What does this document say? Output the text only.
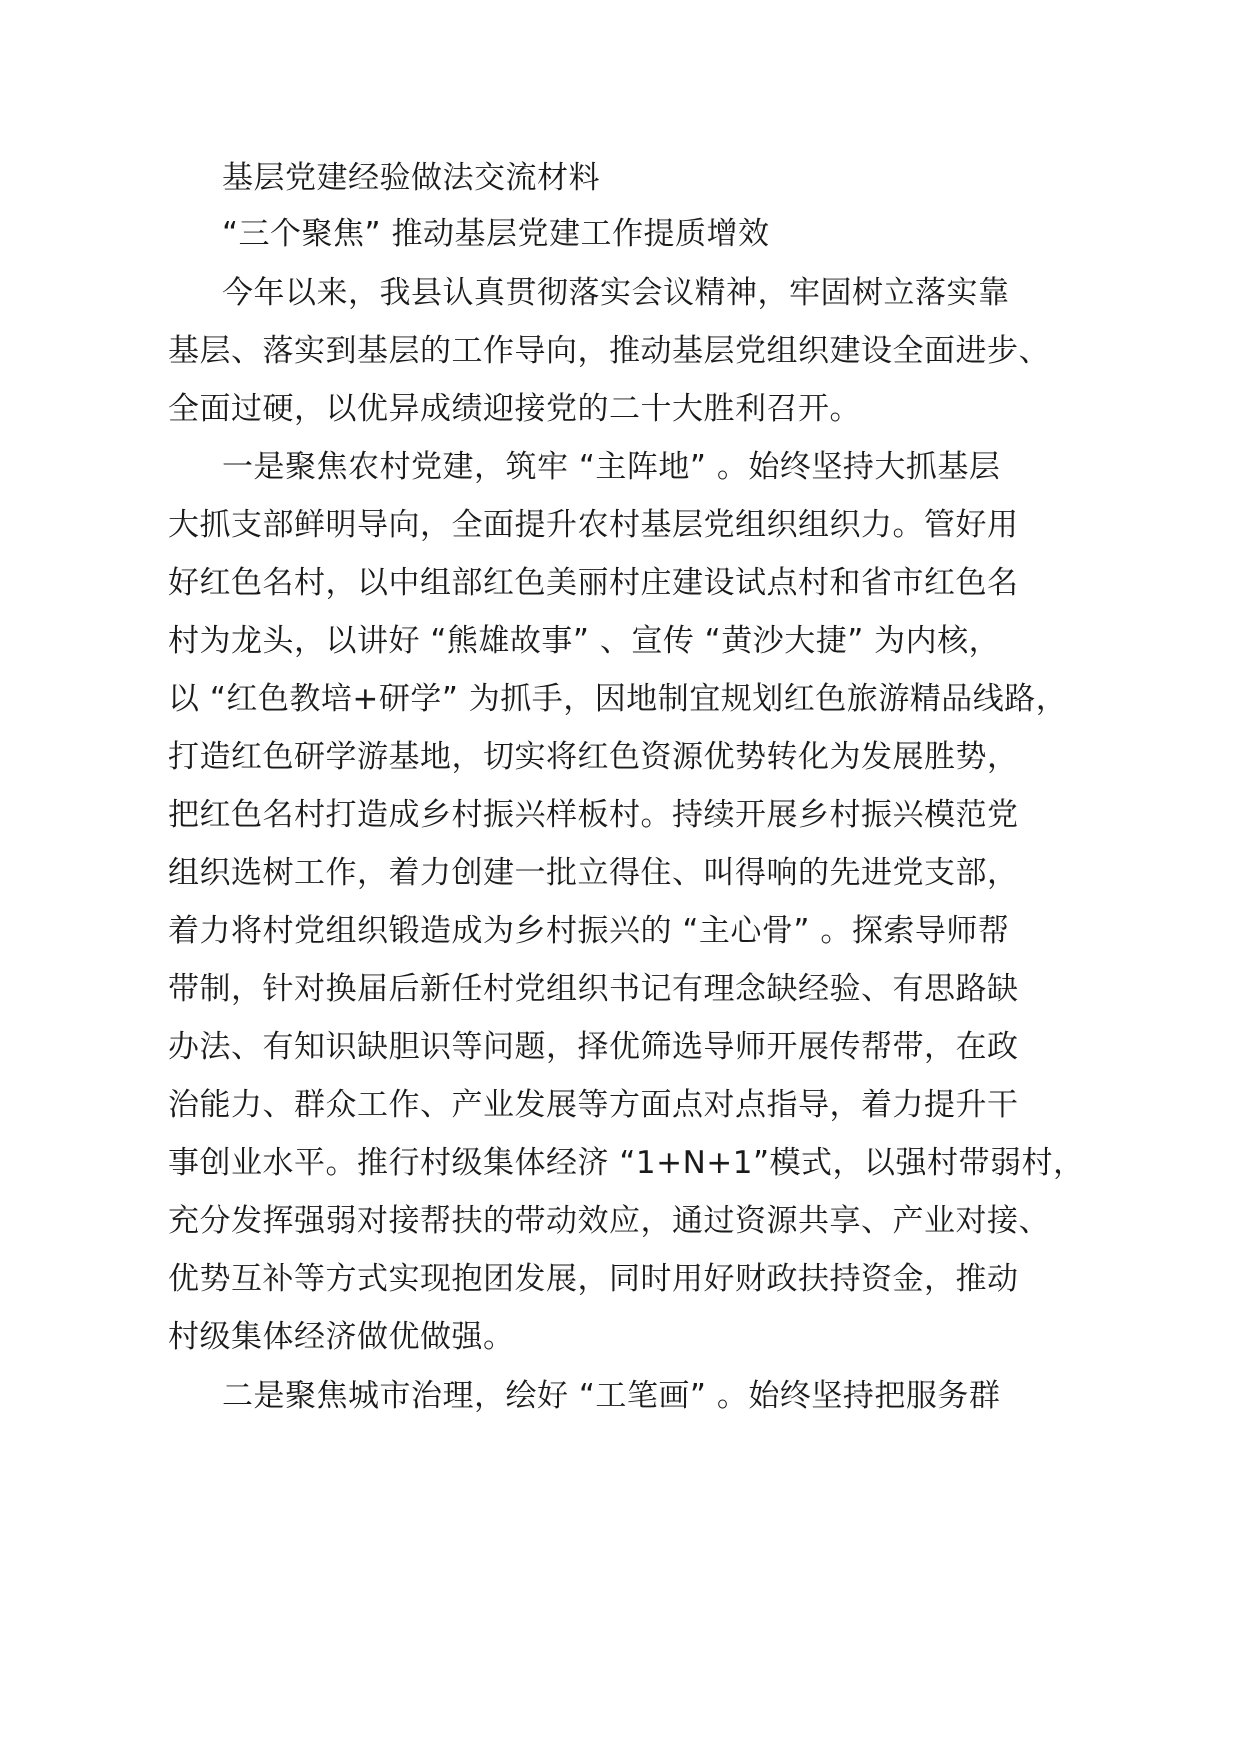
基层党建经验做法交流材料
“三个聚焦” 推动基层党建工作提质增效
今年以来，我县认真贯彻落实会议精神，牢固树立落实靠
基层、落实到基层的工作导向，推动基层党组织建设全面进步、
全面过硬，以优异成绩迎接党的二十大胜利召开。
一是聚焦农村党建，筑牢 “主阵地” 。始终坚持大抓基层
大抓支部鲜明导向，全面提升农村基层党组织组织力。管好用
好红色名村，以中组部红色美丽村庄建设试点村和省市红色名
村为龙头，以讲好 “熊雄故事” 、宣传 “黄沙大捷” 为内核，
以 “红色教培+研学” 为抓手，因地制宜规划红色旅游精品线路，
打造红色研学游基地，切实将红色资源优势转化为发展胜势，
把红色名村打造成乡村振兴样板村。持续开展乡村振兴模范党
组织选树工作，着力创建一批立得住、叫得响的先进党支部，
着力将村党组织锻造成为乡村振兴的 “主心骨” 。探索导师帮
带制，针对换届后新任村党组织书记有理念缺经验、有思路缺
办法、有知识缺胆识等问题，择优筛选导师开展传帮带，在政
治能力、群众工作、产业发展等方面点对点指导，着力提升干
事创业水平。推行村级集体经济 “1+N+1”模式，以强村带弱村，
充分发挥强弱对接帮扶的带动效应，通过资源共享、产业对接、
优势互补等方式实现抱团发展，同时用好财政扶持资金，推动
村级集体经济做优做强。
二是聚焦城市治理，绘好 “工笔画” 。始终坚持把服务群
